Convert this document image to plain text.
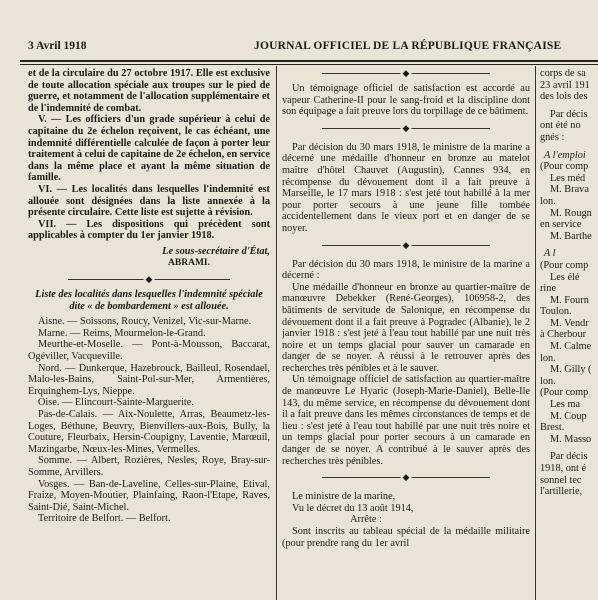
3 Avril 1918	JOURNAL OFFICIEL DE LA RÉPUBLIQUE FRANÇAISE

et de la circulaire du 27 octobre 1917. Elle est exclusive de toute allocation spéciale aux troupes sur le pied de guerre, et notamment de l'allocation supplémentaire et de l'indemnité de combat.

V. — Les officiers d'un grade supérieur à celui de capitaine du 2e échelon reçoivent, le cas échéant, une indemnité différentielle calculée de façon à porter leur traitement à celui de capitaine de 2e échelon, en service dans la même place et ayant la même situation de famille.

VI. — Les localités dans lesquelles l'indemnité est allouée sont désignées dans la liste annexée à la présente circulaire. Cette liste est sujette à révision.

VII. — Les dispositions qui précèdent sont applicables à compter du 1er janvier 1918.

Le sous-secrétaire d'État,

ABRAMI.

◆

Liste des localités dans lesquelles l'indemnité spéciale dite « de bombardement » est allouée.

Aisne. — Soissons, Roucy, Venizel, Vic-sur-Marne.

Marne. — Reims, Mourmelon-le-Grand.

Meurthe-et-Moselle. — Pont-à-Mousson, Baccarat, Ogéviller, Vacqueville.

Nord. — Dunkerque, Hazebrouck, Bailleul, Rosendael, Malo-les-Bains, Saint-Pol-sur-Mer, Armentières, Erquinghem-Lys, Nieppe.

Oise. — Elincourt-Sainte-Marguerite.

Pas-de-Calais. — Aix-Noulette, Arras, Beaumetz-les-Loges, Béthune, Beuvry, Bienvillers-aux-Bois, Bully, la Couture, Fleurbaix, Hersin-Coupigny, Laventie, Marœuil, Mazingarbe, Nœux-les-Mines, Vermelles.

Somme. — Albert, Rozières, Nesles, Roye, Bray-sur-Somme, Arvillers.

Vosges. — Ban-de-Laveline, Celles-sur-Plaine, Etival, Fraize, Moyen-Moutier, Plainfaing, Raon-l'Etape, Raves, Saint-Dié, Saint-Michel.

Territoire de Belfort. — Belfort.

◆

Un témoignage officiel de satisfaction est accordé au vapeur Catherine-II pour le sang-froid et la discipline dont son équipage a fait preuve lors du torpillage de ce bâtiment.

◆

Par décision du 30 mars 1918, le ministre de la marine a décerné une médaille d'honneur en bronze au matelot maître d'hôtel Chauvet (Augustin), Cannes 934, en récompense du dévouement dont il a fait preuve à Marseille, le 17 mars 1918 : s'est jeté tout habillé à la mer pour porter secours à une jeune fille tombée accidentellement dans le vieux port et en danger de se noyer.

◆

Par décision du 30 mars 1918, le ministre de la marine a décerné :

Une médaille d'honneur en bronze au quartier-maître de manœuvre Debekker (René-Georges), 106958-2, des bâtiments de servitude de Salonique, en récompense du dévouement dont il a fait preuve à Pogradec (Albanie), le 2 janvier 1918 : s'est jeté à l'eau tout habillé par une nuit très noire et un temps glacial pour sauver un camarade en danger de se noyer. A réussi à le retrouver après des recherches très pénibles et à le sauver.

Un témoignage officiel de satisfaction au quartier-maître de manœuvre Le Hyaric (Joseph-Marie-Daniel), Belle-Ile 143, du même service, en récompense du dévouement dont il a fait preuve dans les mêmes circonstances de temps et de lieu : s'est jeté à l'eau tout habillé par une nuit très noire et un temps glacial pour porter secours à un camarade en danger de se noyer. A contribué à le sauver après des recherches très pénibles.

◆

Le ministre de la marine,

Vu le décret du 13 août 1914,

Arrête :

Sont inscrits au tableau spécial de la médaille militaire (pour prendre rang du 1er avril

corps de sa

23 avril 191

des lois des

Par décis

ont été no

gnés :

A l'emploi

(Pour comp

Les méd

M. Brava

lon.

M. Rougn

en service

M. Barthe

A l

(Pour comp

Les élé

rine

M. Fourn

Toulon.

M. Vendr

à Cherbour

M. Calme

lon.

M. Gilly (

lon.

(Pour comp

Les ma

M. Coup

Brest.

M. Masso

Par décis

1918, ont é

sonnel tec

l'artillerie,
